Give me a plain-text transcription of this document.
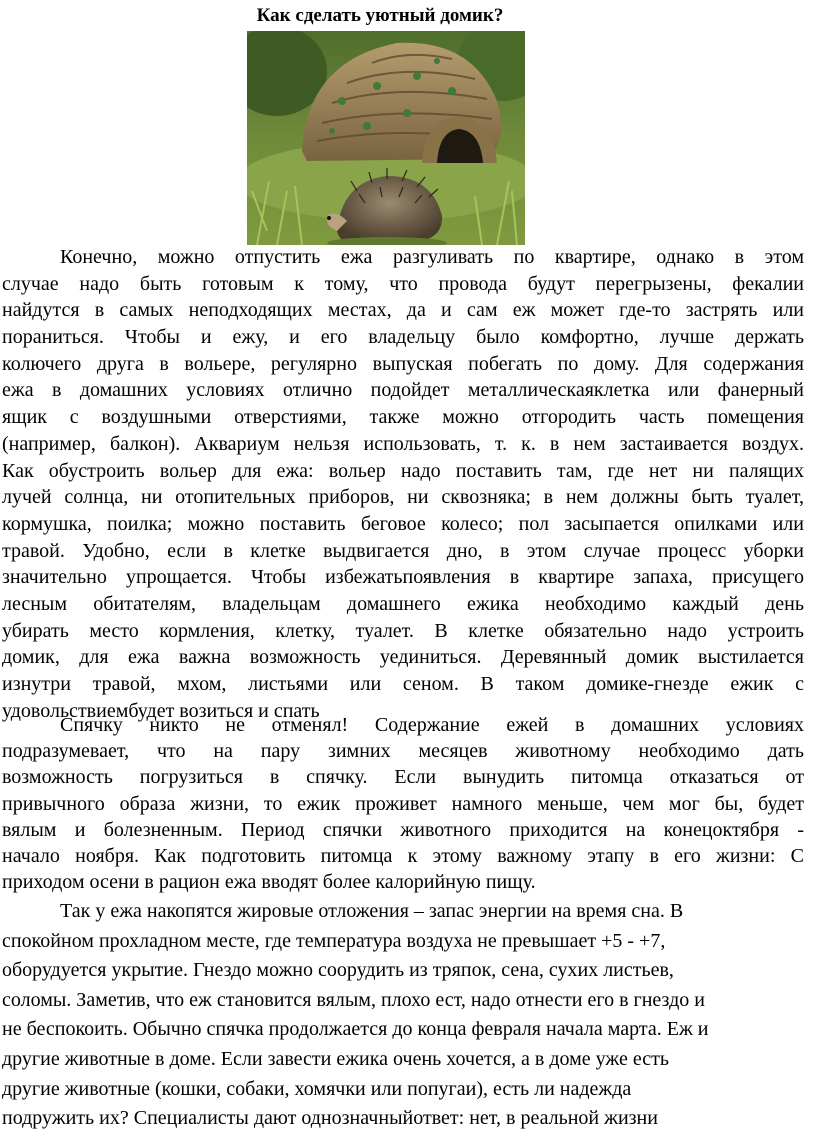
Как сделать уютный домик?
Конечно, можно отпустить ежа разгуливать по квартире, однако в этом
случае надо быть готовым к тому, что провода будут перегрызены, фекалии
найдутся в самых неподходящих местах, да и сам еж может где-то застрять или
пораниться. Чтобы и ежу, и его владельцу было комфортно, лучше держать
колючего друга в вольере, регулярно выпуская побегать по дому. Для содержания
ежа в домашних условиях отлично подойдет металлическаяклетка или фанерный
ящик с воздушными отверстиями, также можно отгородить часть помещения
(например, балкон). Аквариум нельзя использовать, т. к. в нем застаивается воздух.
Как обустроить вольер для ежа: вольер надо поставить там, где нет ни палящих
лучей солнца, ни отопительных приборов, ни сквозняка; в нем должны быть туалет,
кормушка, поилка; можно поставить беговое колесо; пол засыпается опилками или
травой. Удобно, если в клетке выдвигается дно, в этом случае процесс уборки
значительно упрощается. Чтобы избежатьпоявления в квартире запаха, присущего
лесным обитателям, владельцам домашнего ежика необходимо каждый день
убирать место кормления, клетку, туалет. В клетке обязательно надо устроить
домик, для ежа важна возможность уединиться. Деревянный домик выстилается
изнутри травой, мхом, листьями или сеном. В таком домике-гнезде ежик с
удовольствиембудет возиться и спать
Спячку никто не отменял! Содержание ежей в домашних условиях
подразумевает, что на пару зимних месяцев животному необходимо дать
возможность погрузиться в спячку. Если вынудить питомца отказаться от
привычного образа жизни, то ежик проживет намного меньше, чем мог бы, будет
вялым и болезненным. Период спячки животного приходится на конецоктября -
начало ноября. Как подготовить питомца к этому важному этапу в его жизни: С
приходом осени в рацион ежа вводят более калорийную пищу.
Так у ежа накопятся жировые отложения – запас энергии на время сна. В
спокойном прохладном месте, где температура воздуха не превышает +5 - +7,
оборудуется укрытие. Гнездо можно соорудить из тряпок, сена, сухих листьев,
соломы. Заметив, что еж становится вялым, плохо ест, надо отнести его в гнездо и
не беспокоить. Обычно спячка продолжается до конца февраля начала марта. Еж и
другие животные в доме. Если завести ежика очень хочется, а в доме уже есть
другие животные (кошки, собаки, хомячки или попугаи), есть ли надежда
подружить их? Специалисты дают однозначныйответ: нет, в реальной жизни
